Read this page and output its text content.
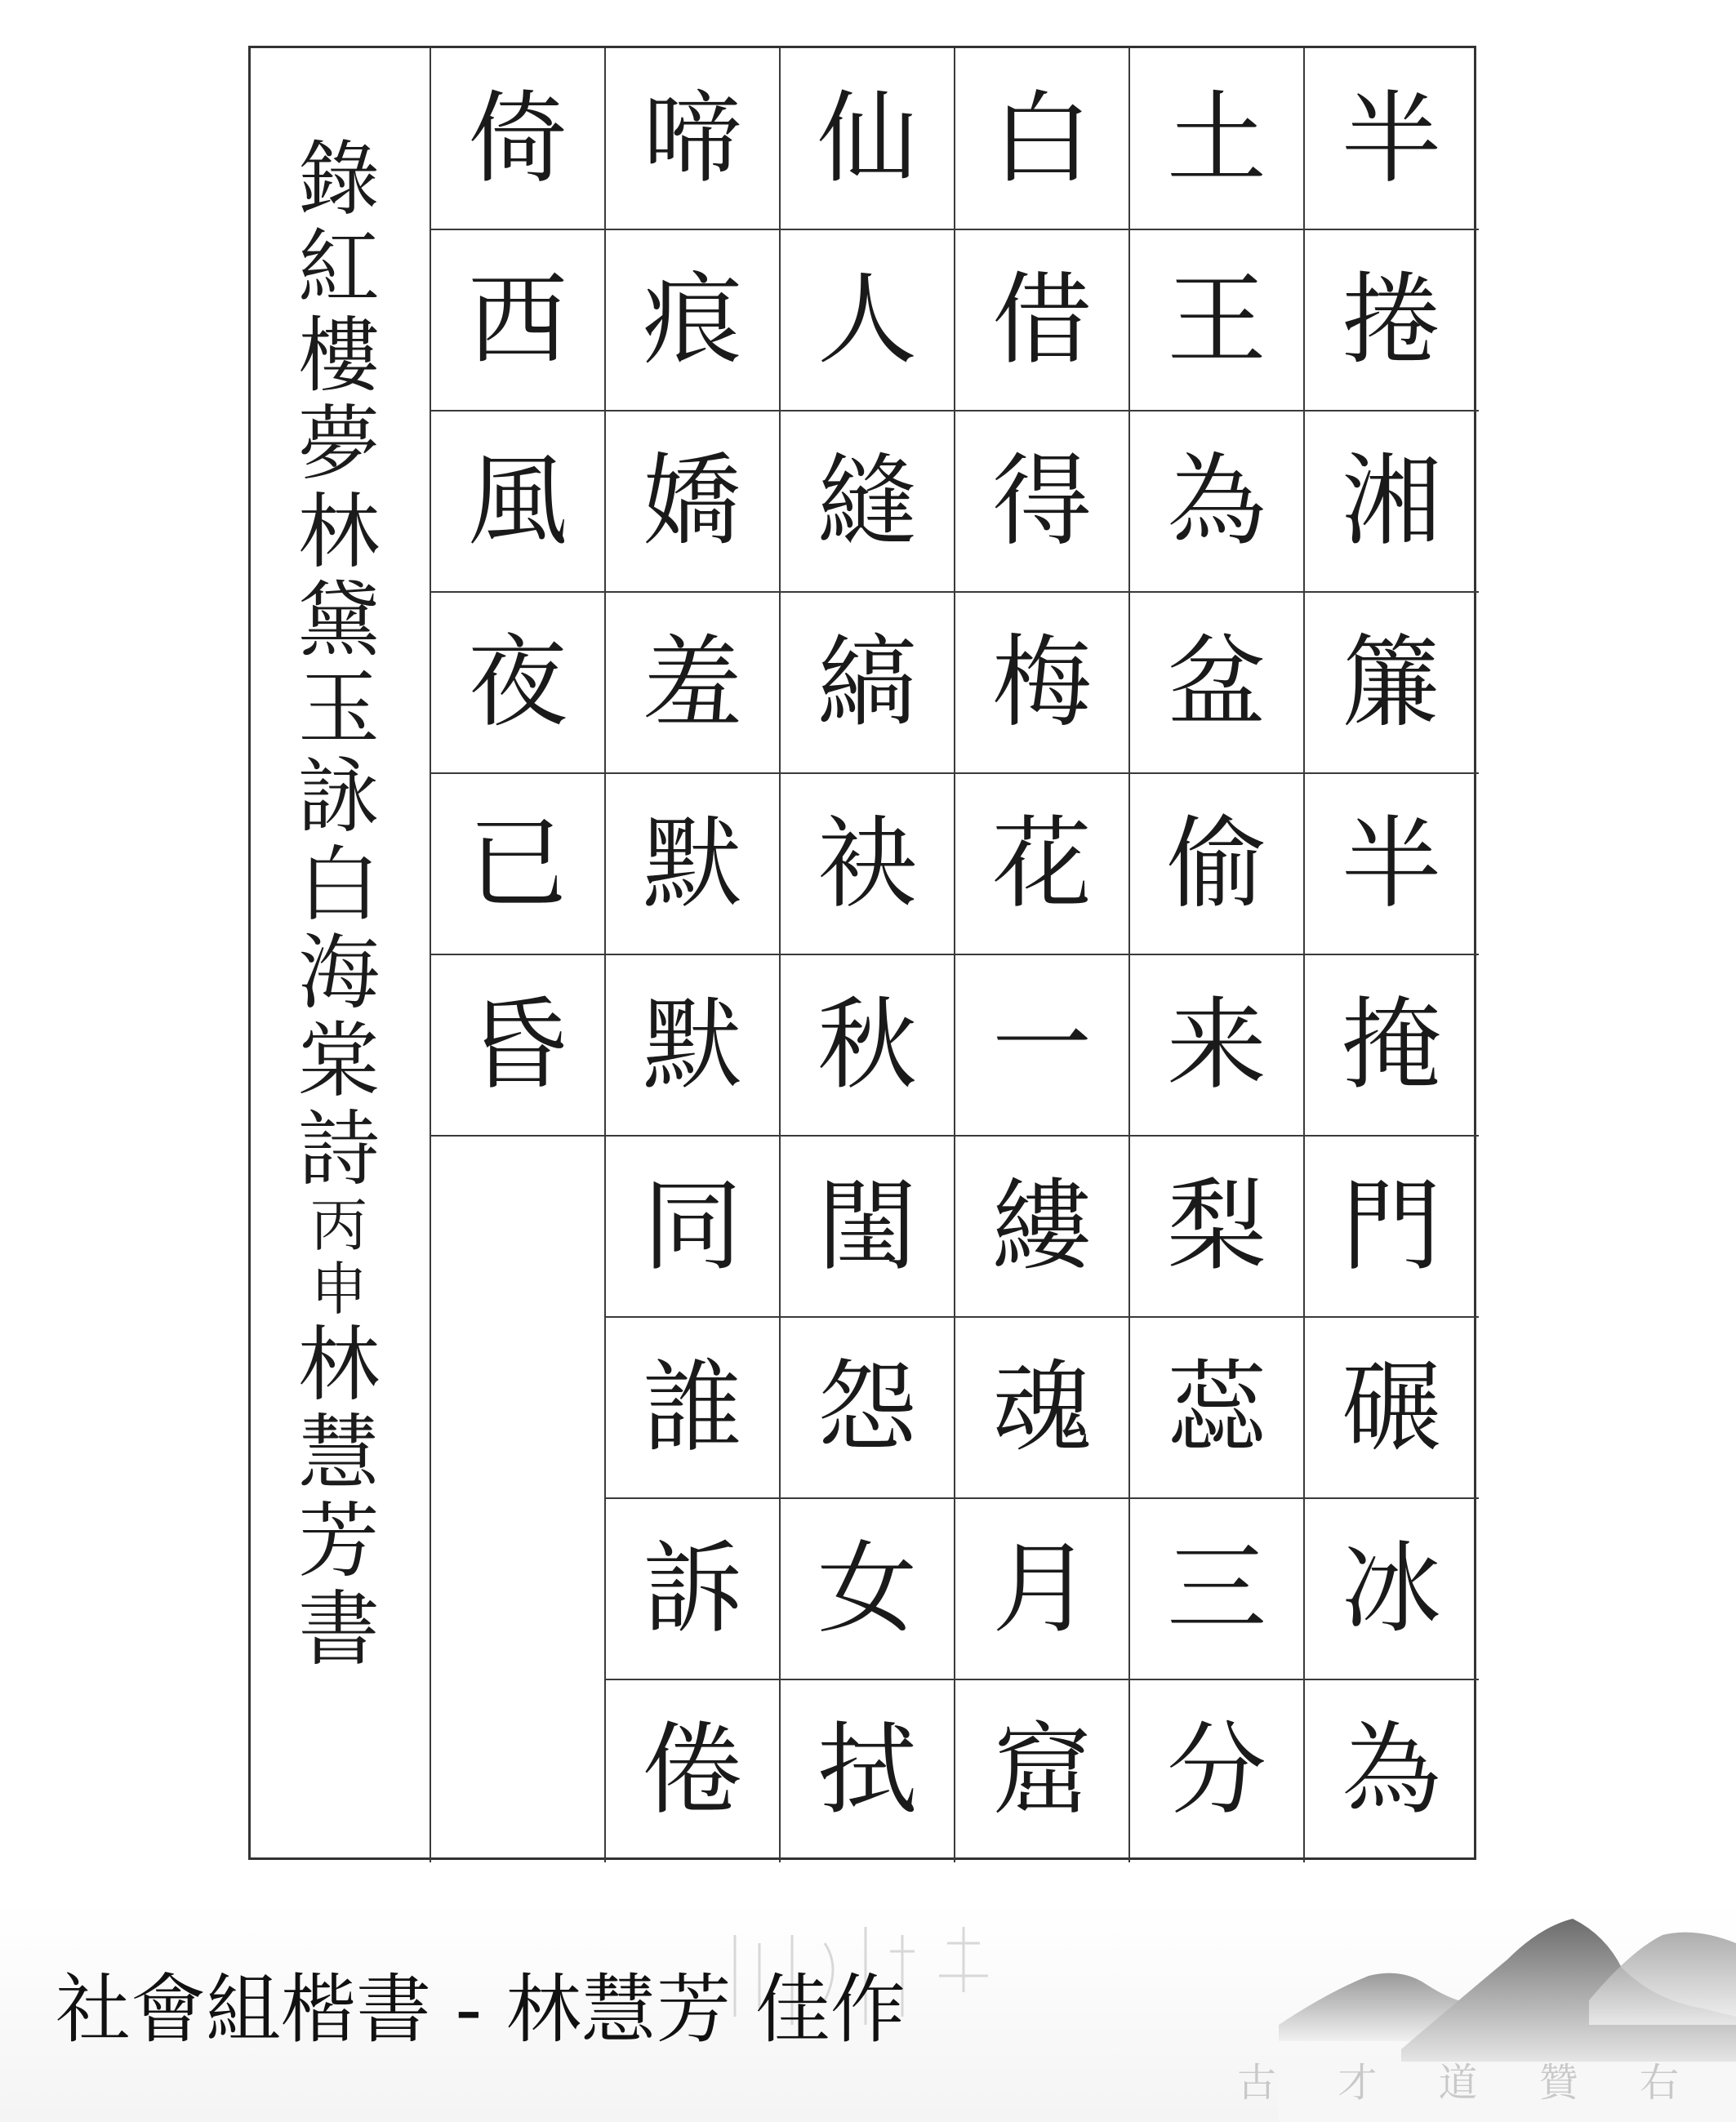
半
捲
湘
簾
半
掩
門
碾
冰
為
土
王
為
盆
偷
来
梨
蕊
三
分
白
借
得
梅
花
一
縷
魂
月
窟
仙
人
縫
縞
袂
秋
閨
怨
女
拭
啼
痕
嬌
羞
默
默
同
誰
訴
倦
倚
西
風
夜
已
昏
錄
紅
樓
夢
林
黛
玉
詠
白
海
棠
詩
丙
申
林
慧
芳
書
社會組楷書 - 林慧芳 佳作
古 才 道 贊 右
